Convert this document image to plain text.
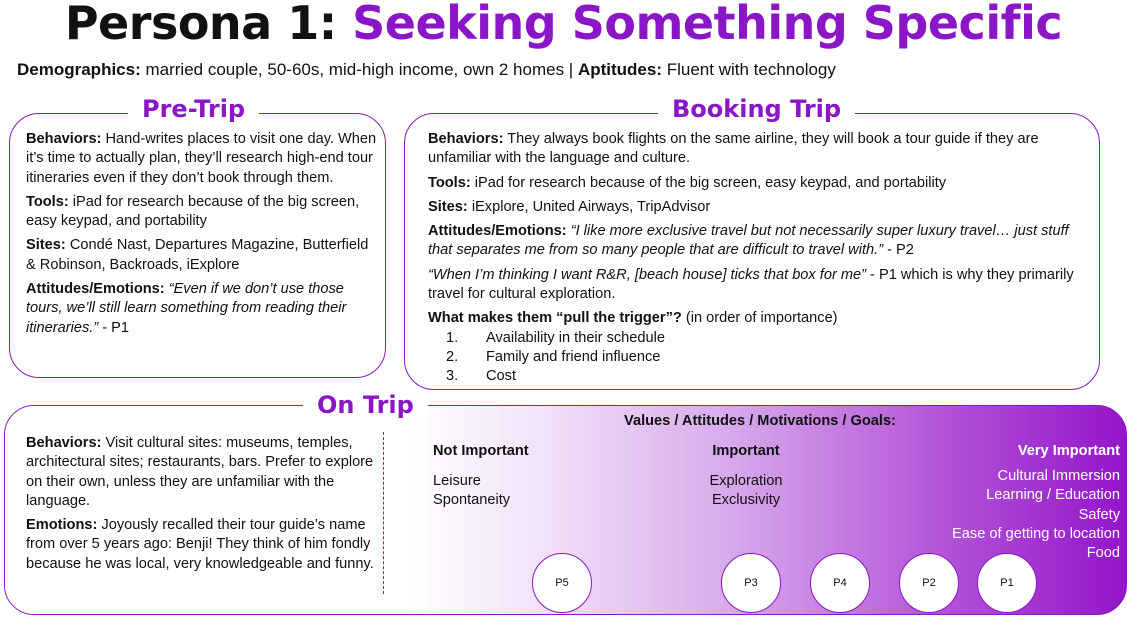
Persona 1: Seeking Something Specific
Demographics: married couple, 50-60s, mid-high income, own 2 homes | Aptitudes: Fluent with technology
Pre-Trip

Behaviors: Hand-writes places to visit one day. When it’s time to actually plan, they’ll research high-end tour itineraries even if they don’t book through them.

Tools: iPad for research because of the big screen, easy keypad, and portability

Sites: Condé Nast, Departures Magazine, Butterfield & Robinson, Backroads, iExplore

Attitudes/Emotions: “Even if we don’t use those tours, we’ll still learn something from reading their itineraries.” - P1

Booking Trip

Behaviors: They always book flights on the same airline, they will book a tour guide if they are unfamiliar with the language and culture.

Tools: iPad for research because of the big screen, easy keypad, and portability

Sites: iExplore, United Airways, TripAdvisor

Attitudes/Emotions: “I like more exclusive travel but not necessarily super luxury travel… just stuff that separates me from so many people that are difficult to travel with.” - P2

“When I’m thinking I want R&R, [beach house] ticks that box for me” - P1 which is why they primarily travel for cultural exploration.

What makes them “pull the trigger”? (in order of importance)

1.	Availability in their schedule
2.	Family and friend influence
3.	Cost
On Trip

Behaviors: Visit cultural sites: museums, temples, architectural sites; restaurants, bars. Prefer to explore on their own, unless they are unfamiliar with the language.

Emotions: Joyously recalled their tour guide’s name from over 5 years ago: Benji! They think of him fondly because he was local, very knowledgeable and funny.

Values / Attitudes / Motivations / Goals:
Not Important
Leisure
Spontaneity
Important
Exploration
Exclusivity
Very Important
Cultural Immersion
Learning / Education
Safety
Ease of getting to location
Food
P5	P3	P4	P2	P1
